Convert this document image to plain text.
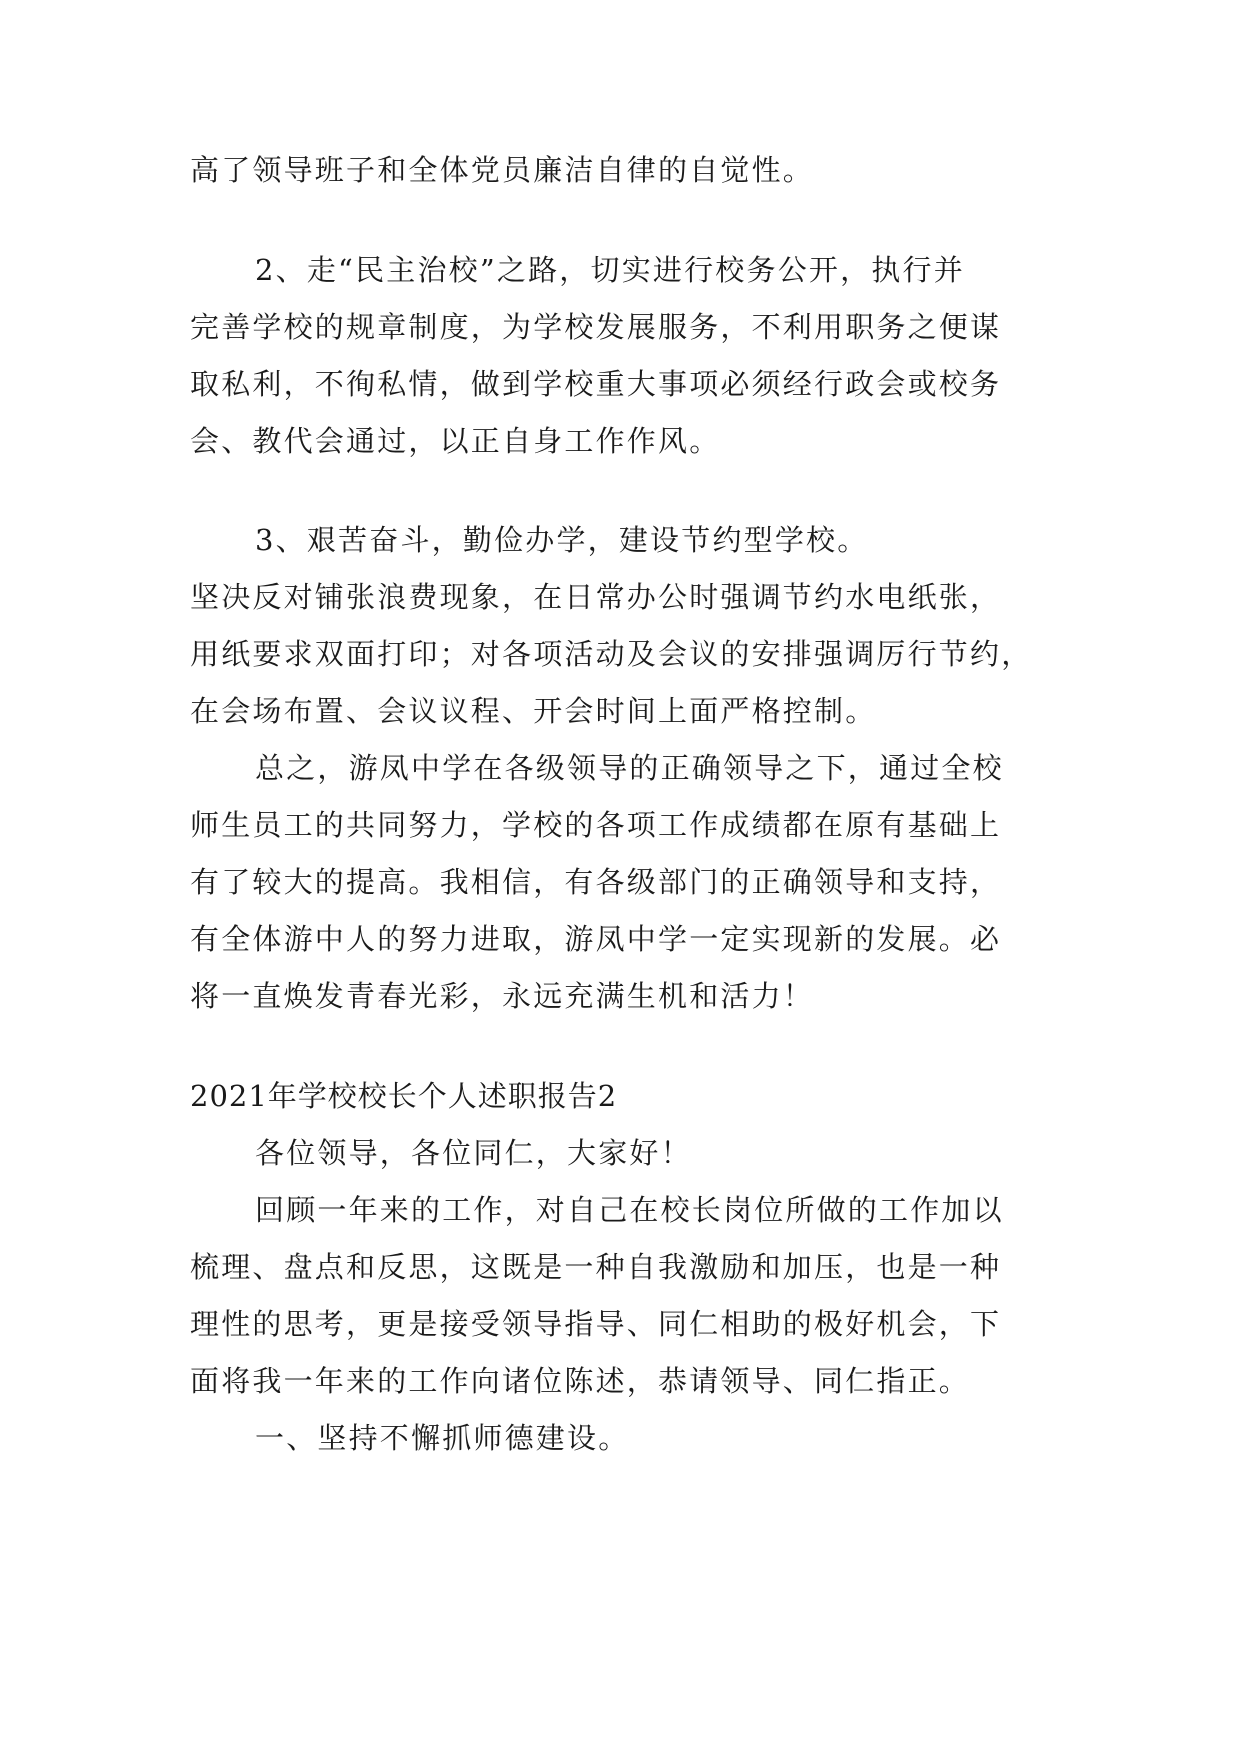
高了领导班子和全体党员廉洁自律的自觉性。
2、走“民主治校”之路，切实进行校务公开，执行并
完善学校的规章制度，为学校发展服务，不利用职务之便谋
取私利，不徇私情，做到学校重大事项必须经行政会或校务
会、教代会通过，以正自身工作作风。
3、艰苦奋斗，勤俭办学，建设节约型学校。
坚决反对铺张浪费现象，在日常办公时强调节约水电纸张，
用纸要求双面打印；对各项活动及会议的安排强调厉行节约，
在会场布置、会议议程、开会时间上面严格控制。
总之，游凤中学在各级领导的正确领导之下，通过全校
师生员工的共同努力，学校的各项工作成绩都在原有基础上
有了较大的提高。我相信，有各级部门的正确领导和支持，
有全体游中人的努力进取，游凤中学一定实现新的发展。必
将一直焕发青春光彩，永远充满生机和活力！
2021年学校校长个人述职报告2
各位领导，各位同仁，大家好！
回顾一年来的工作，对自己在校长岗位所做的工作加以
梳理、盘点和反思，这既是一种自我激励和加压，也是一种
理性的思考，更是接受领导指导、同仁相助的极好机会，下
面将我一年来的工作向诸位陈述，恭请领导、同仁指正。
一、坚持不懈抓师德建设。
